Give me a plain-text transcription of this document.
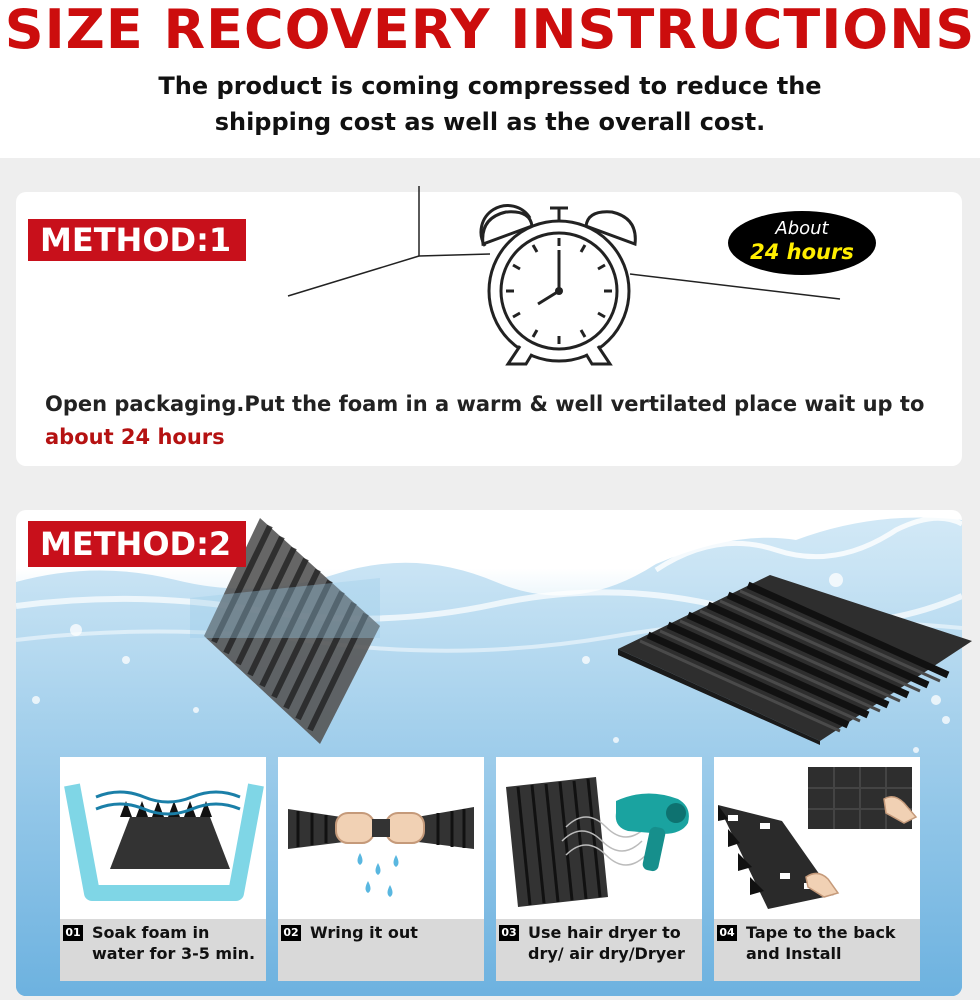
SIZE RECOVERY INSTRUCTIONS
The product is coming compressed to reduce the
shipping cost as well as the overall cost.
METHOD:1	About
24 hours
Open packaging.Put the foam in a warm & well vertilated place wait up to about 24 hours
METHOD:2
01 Soak foam in water for 3-5 min.
02 Wring it out	03 Use hair dryer to dry/ air dry/Dryer
04 Tape to the back and Install
